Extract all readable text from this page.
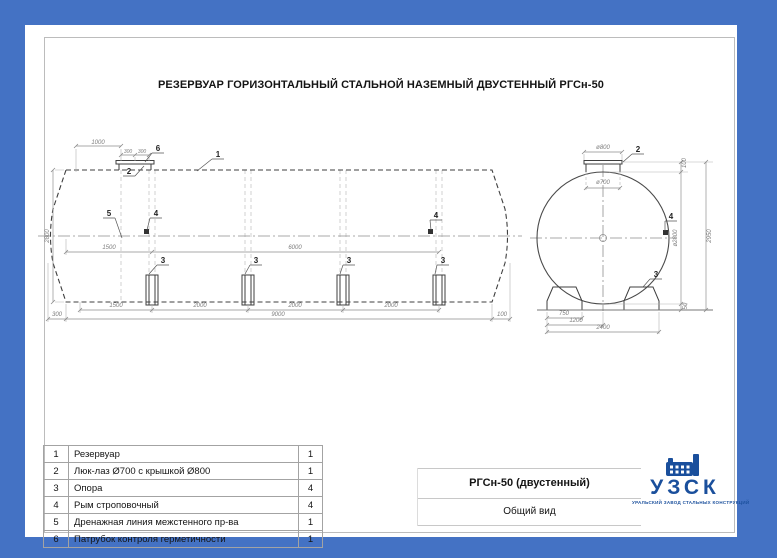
РЕЗЕРВУАР ГОРИЗОНТАЛЬНЫЙ СТАЛЬНОЙ НАЗЕМНЫЙ ДВУСТЕННЫЙ РГСн-50
1000
300 300
2800
1500	6000
1500	2000	2000	2000
300	9000	100
1
2
6
5	4	4
3	3	3	3
ø800
ø700
100
ø2800	2950
50
750
1200
2400
2
4
3
1	Резервуар	1
2	Люк-лаз Ø700 с крышкой Ø800	1
3	Опора	4
4	Рым строповочный	4
5	Дренажная линия межстенного пр-ва	1
6	Патрубок контроля герметичности	1
РГСн-50 (двустенный)
Общий вид
УЗСК
УРАЛЬСКИЙ ЗАВОД СТАЛЬНЫХ КОНСТРУКЦИЙ
